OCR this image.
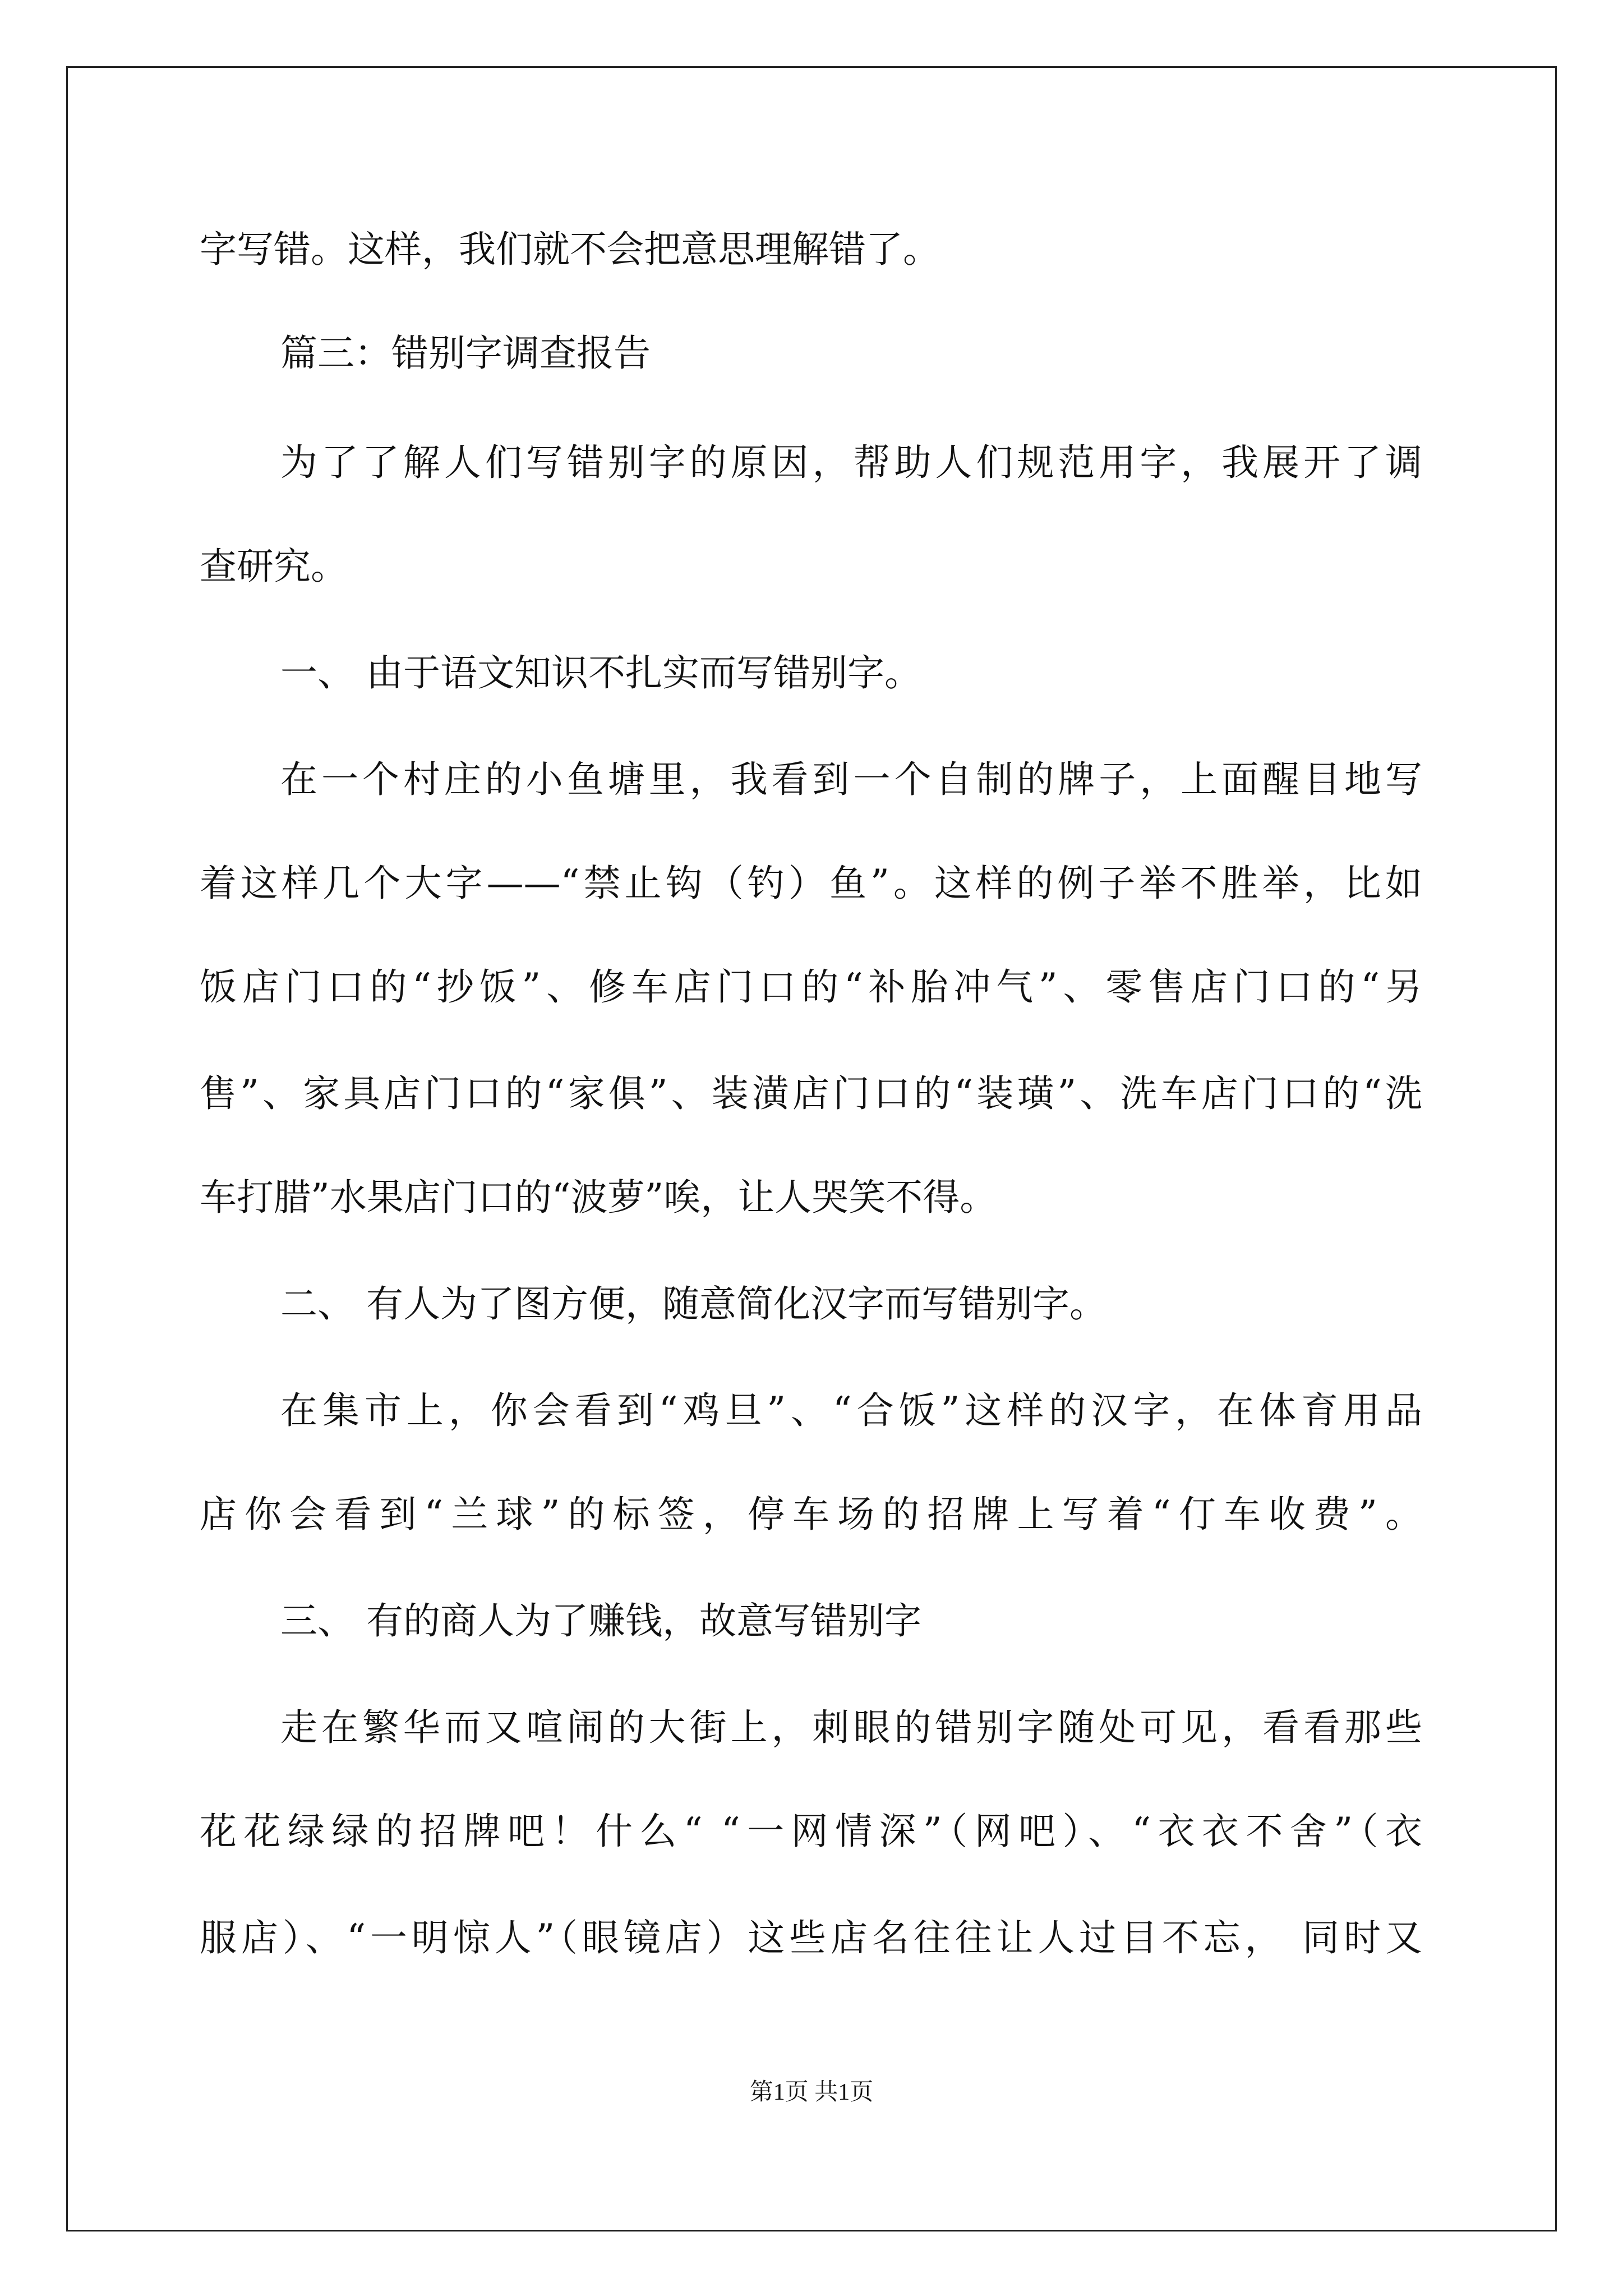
字写错。这样，我们就不会把意思理解错了。

篇三：错别字调查报告

为了了解人们写错别字的原因，帮助人们规范用字，我展开了调

查研究。

一、 由于语文知识不扎实而写错别字。

在一个村庄的小鱼塘里，我看到一个自制的牌子，上面醒目地写

着这样几个大字——“禁止钩（钓）鱼”。这样的例子举不胜举，比如

饭店门口的“抄饭”、修车店门口的“补胎冲气”、零售店门口的“另

售”、家具店门口的“家俱”、装潢店门口的“装璜”、洗车店门口的“洗

车打腊”水果店门口的“波萝”唉，让人哭笑不得。

二、 有人为了图方便，随意简化汉字而写错别字。

在集市上，你会看到“鸡旦”、“合饭”这样的汉字，在体育用品

店你会看到“兰球”的标签，停车场的招牌上写着“仃车收费”。

三、 有的商人为了赚钱，故意写错别字

走在繁华而又喧闹的大街上，刺眼的错别字随处可见，看看那些

花花绿绿的招牌吧！什么“ “一网情深”（网吧）、“衣衣不舍”（衣

服店）、“一明惊人”（眼镜店）这些店名往往让人过目不忘， 同时又

第1页 共1页
